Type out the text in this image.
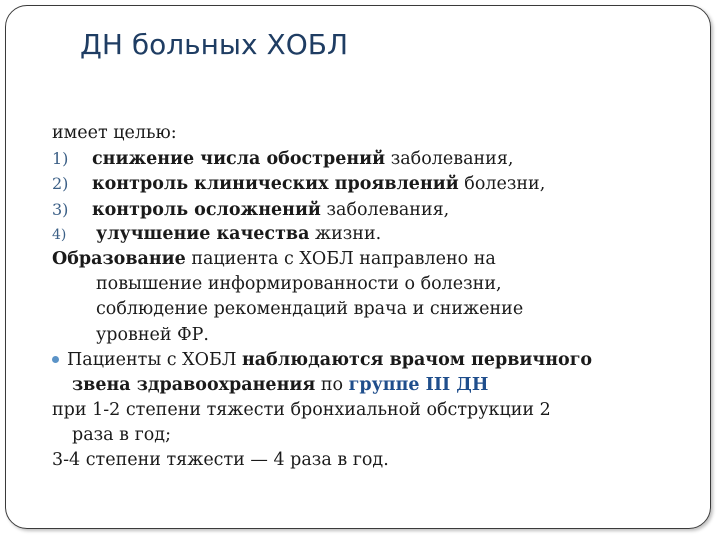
ДН больных ХОБЛ
имеет целью:
1) снижение числа обострений заболевания,
2) контроль клинических проявлений болезни,
3) контроль осложнений заболевания,
4) улучшение качества жизни.
Образование пациента с ХОБЛ направлено на
повышение информированности о болезни,
соблюдение рекомендаций врача и снижение
уровней ФР.
Пациенты с ХОБЛ наблюдаются врачом первичного
звена здравоохранения по группе III ДН
при 1-2 степени тяжести бронхиальной обструкции 2
раза в год;
3-4 степени тяжести — 4 раза в год.
